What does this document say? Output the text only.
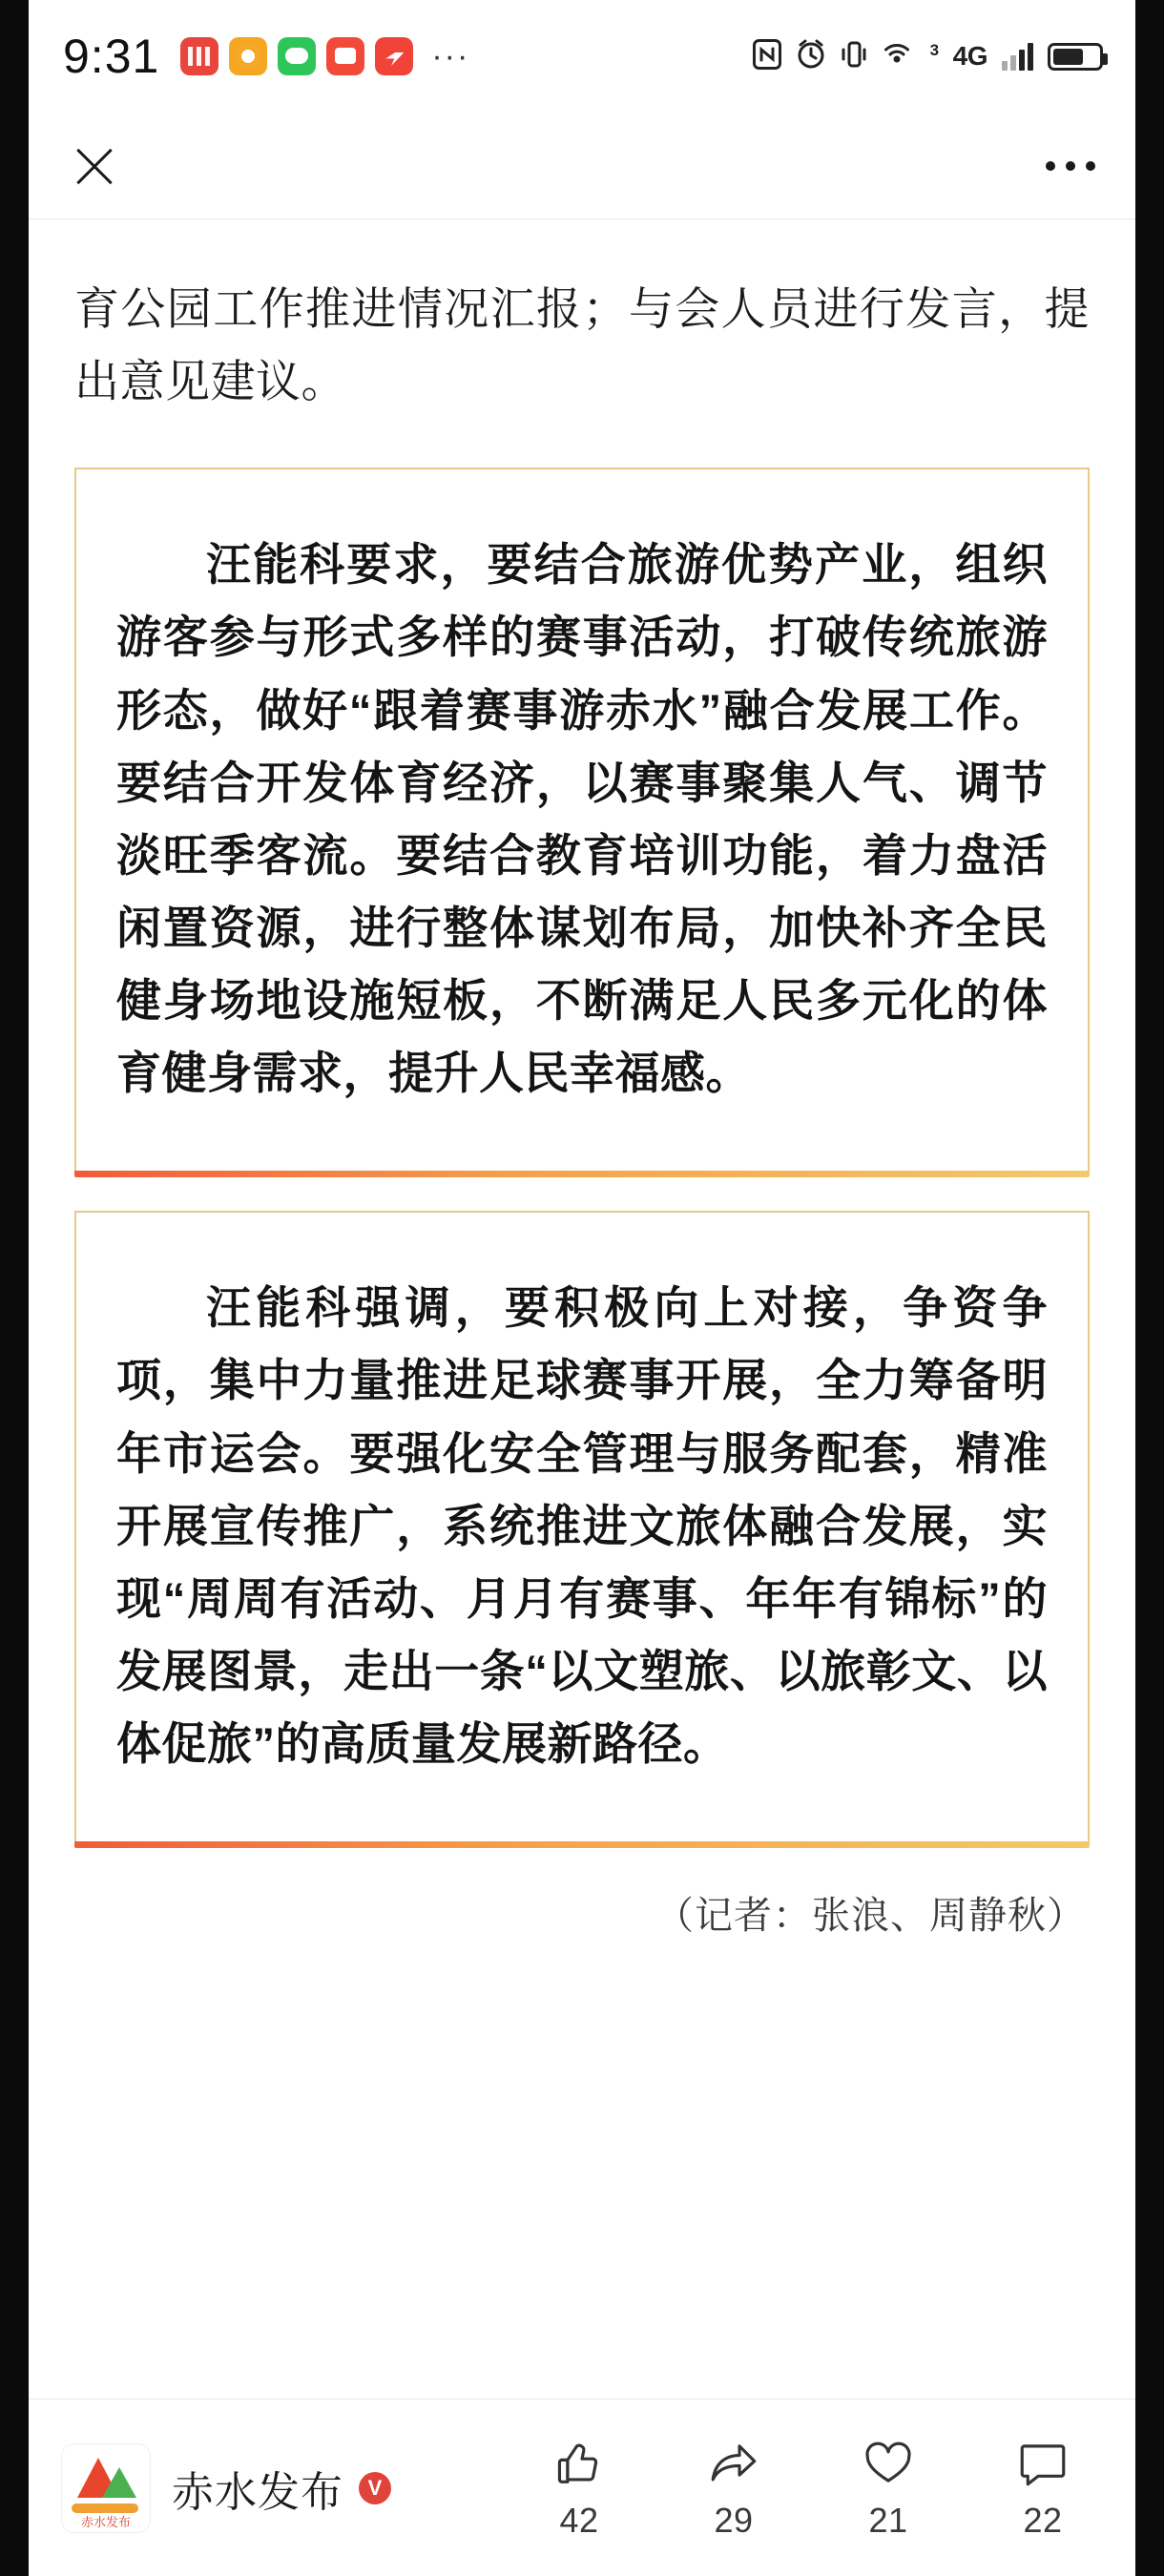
9:31	···	$^3$ 4G
育公园工作推进情况汇报；与会人员进行发言，提出意见建议。
汪能科要求，要结合旅游优势产业，组织游客参与形式多样的赛事活动，打破传统旅游形态，做好“跟着赛事游赤水”融合发展工作。要结合开发体育经济，以赛事聚集人气、调节淡旺季客流。要结合教育培训功能，着力盘活闲置资源，进行整体谋划布局，加快补齐全民健身场地设施短板，不断满足人民多元化的体育健身需求，提升人民幸福感。
汪能科强调，要积极向上对接，争资争项，集中力量推进足球赛事开展，全力筹备明年市运会。要强化安全管理与服务配套，精准开展宣传推广，系统推进文旅体融合发展，实现“周周有活动、月月有赛事、年年有锦标”的发展图景，走出一条“以文塑旅、以旅彰文、以体促旅”的高质量发展新路径。
（记者：张浪、周静秋）
赤水发布
赤水发布	V
42	29	21	22
